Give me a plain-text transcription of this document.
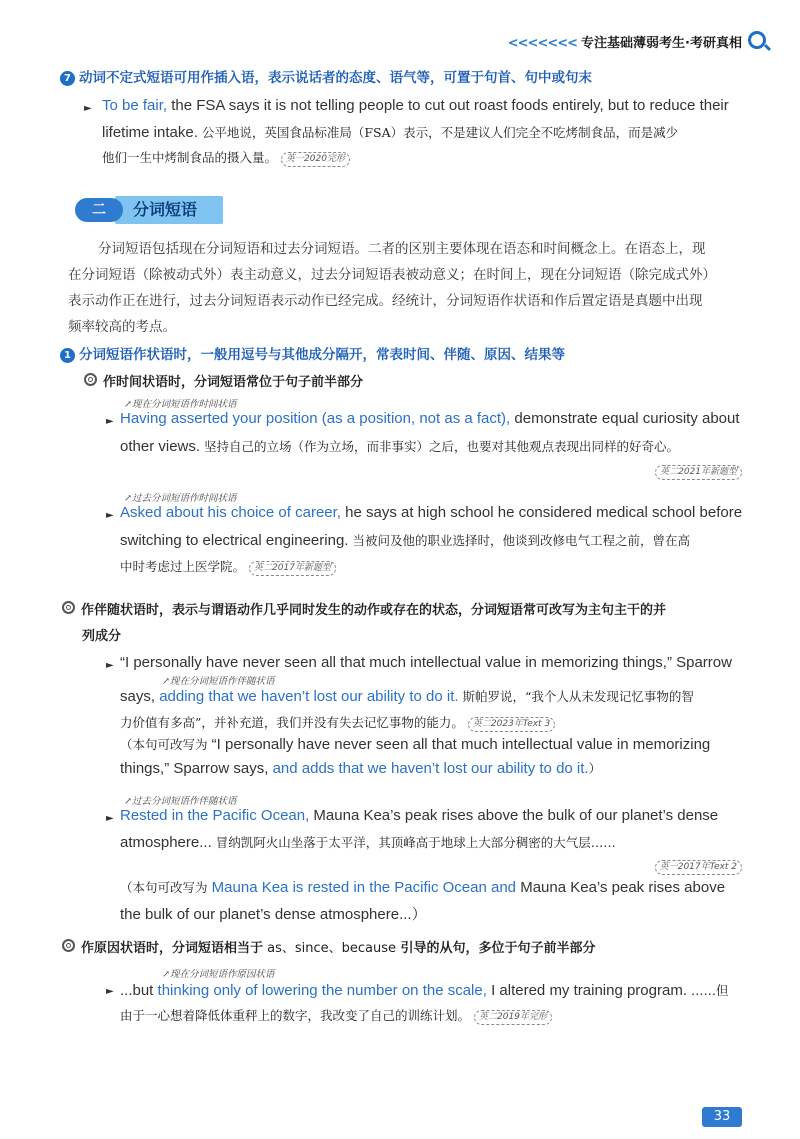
<<<<<<< 专注基础薄弱考生·考研真相
7 动词不定式短语可用作插入语，表示说话者的态度、语气等，可置于句首、句中或句末
► To be fair, the FSA says it is not telling people to cut out roast foods entirely, but to reduce their
lifetime intake. 公平地说，英国食品标准局（FSA）表示，不是建议人们完全不吃烤制食品，而是减少
他们一生中烤制食品的摄入量。 英一2020完形
分词短语
二
分词短语包括现在分词短语和过去分词短语。二者的区别主要体现在语态和时间概念上。在语态上，现
在分词短语（除被动式外）表主动意义，过去分词短语表被动意义；在时间上，现在分词短语（除完成式外）
表示动作正在进行，过去分词短语表示动作已经完成。经统计，分词短语作状语和作后置定语是真题中出现
频率较高的考点。
1 分词短语作状语时，一般用逗号与其他成分隔开，常表时间、伴随、原因、结果等
作时间状语时，分词短语常位于句子前半部分
↗现在分词短语作时间状语
► Having asserted your position (as a position, not as a fact), demonstrate equal curiosity about
other views. 坚持自己的立场（作为立场，而非事实）之后，也要对其他观点表现出同样的好奇心。
英二2021年新题型
↗过去分词短语作时间状语
► Asked about his choice of career, he says at high school he considered medical school before
switching to electrical engineering. 当被问及他的职业选择时，他谈到改修电气工程之前，曾在高
中时考虑过上医学院。 英二2017年新题型
作伴随状语时，表示与谓语动作几乎同时发生的动作或存在的状态，分词短语常可改写为主句主干的并
列成分
► “I personally have never seen all that much intellectual value in memorizing things,” Sparrow
↗现在分词短语作伴随状语
says, adding that we haven’t lost our ability to do it. 斯帕罗说，“我个人从未发现记忆事物的智
力价值有多高”，并补充道，我们并没有失去记忆事物的能力。 英二2023年Text 3
（本句可改写为 “I personally have never seen all that much intellectual value in memorizing
things,” Sparrow says, and adds that we haven’t lost our ability to do it.）
↗过去分词短语作伴随状语
► Rested in the Pacific Ocean, Mauna Kea’s peak rises above the bulk of our planet’s dense
atmosphere... 冒纳凯阿火山坐落于太平洋，其顶峰高于地球上大部分稠密的大气层……
英一2017年Text 2
（本句可改写为 Mauna Kea is rested in the Pacific Ocean and Mauna Kea’s peak rises above
the bulk of our planet’s dense atmosphere...）
作原因状语时，分词短语相当于 as、since、because 引导的从句，多位于句子前半部分
↗现在分词短语作原因状语
► ...but thinking only of lowering the number on the scale, I altered my training program. ……但
由于一心想着降低体重秤上的数字，我改变了自己的训练计划。 英二2019年完形
33
